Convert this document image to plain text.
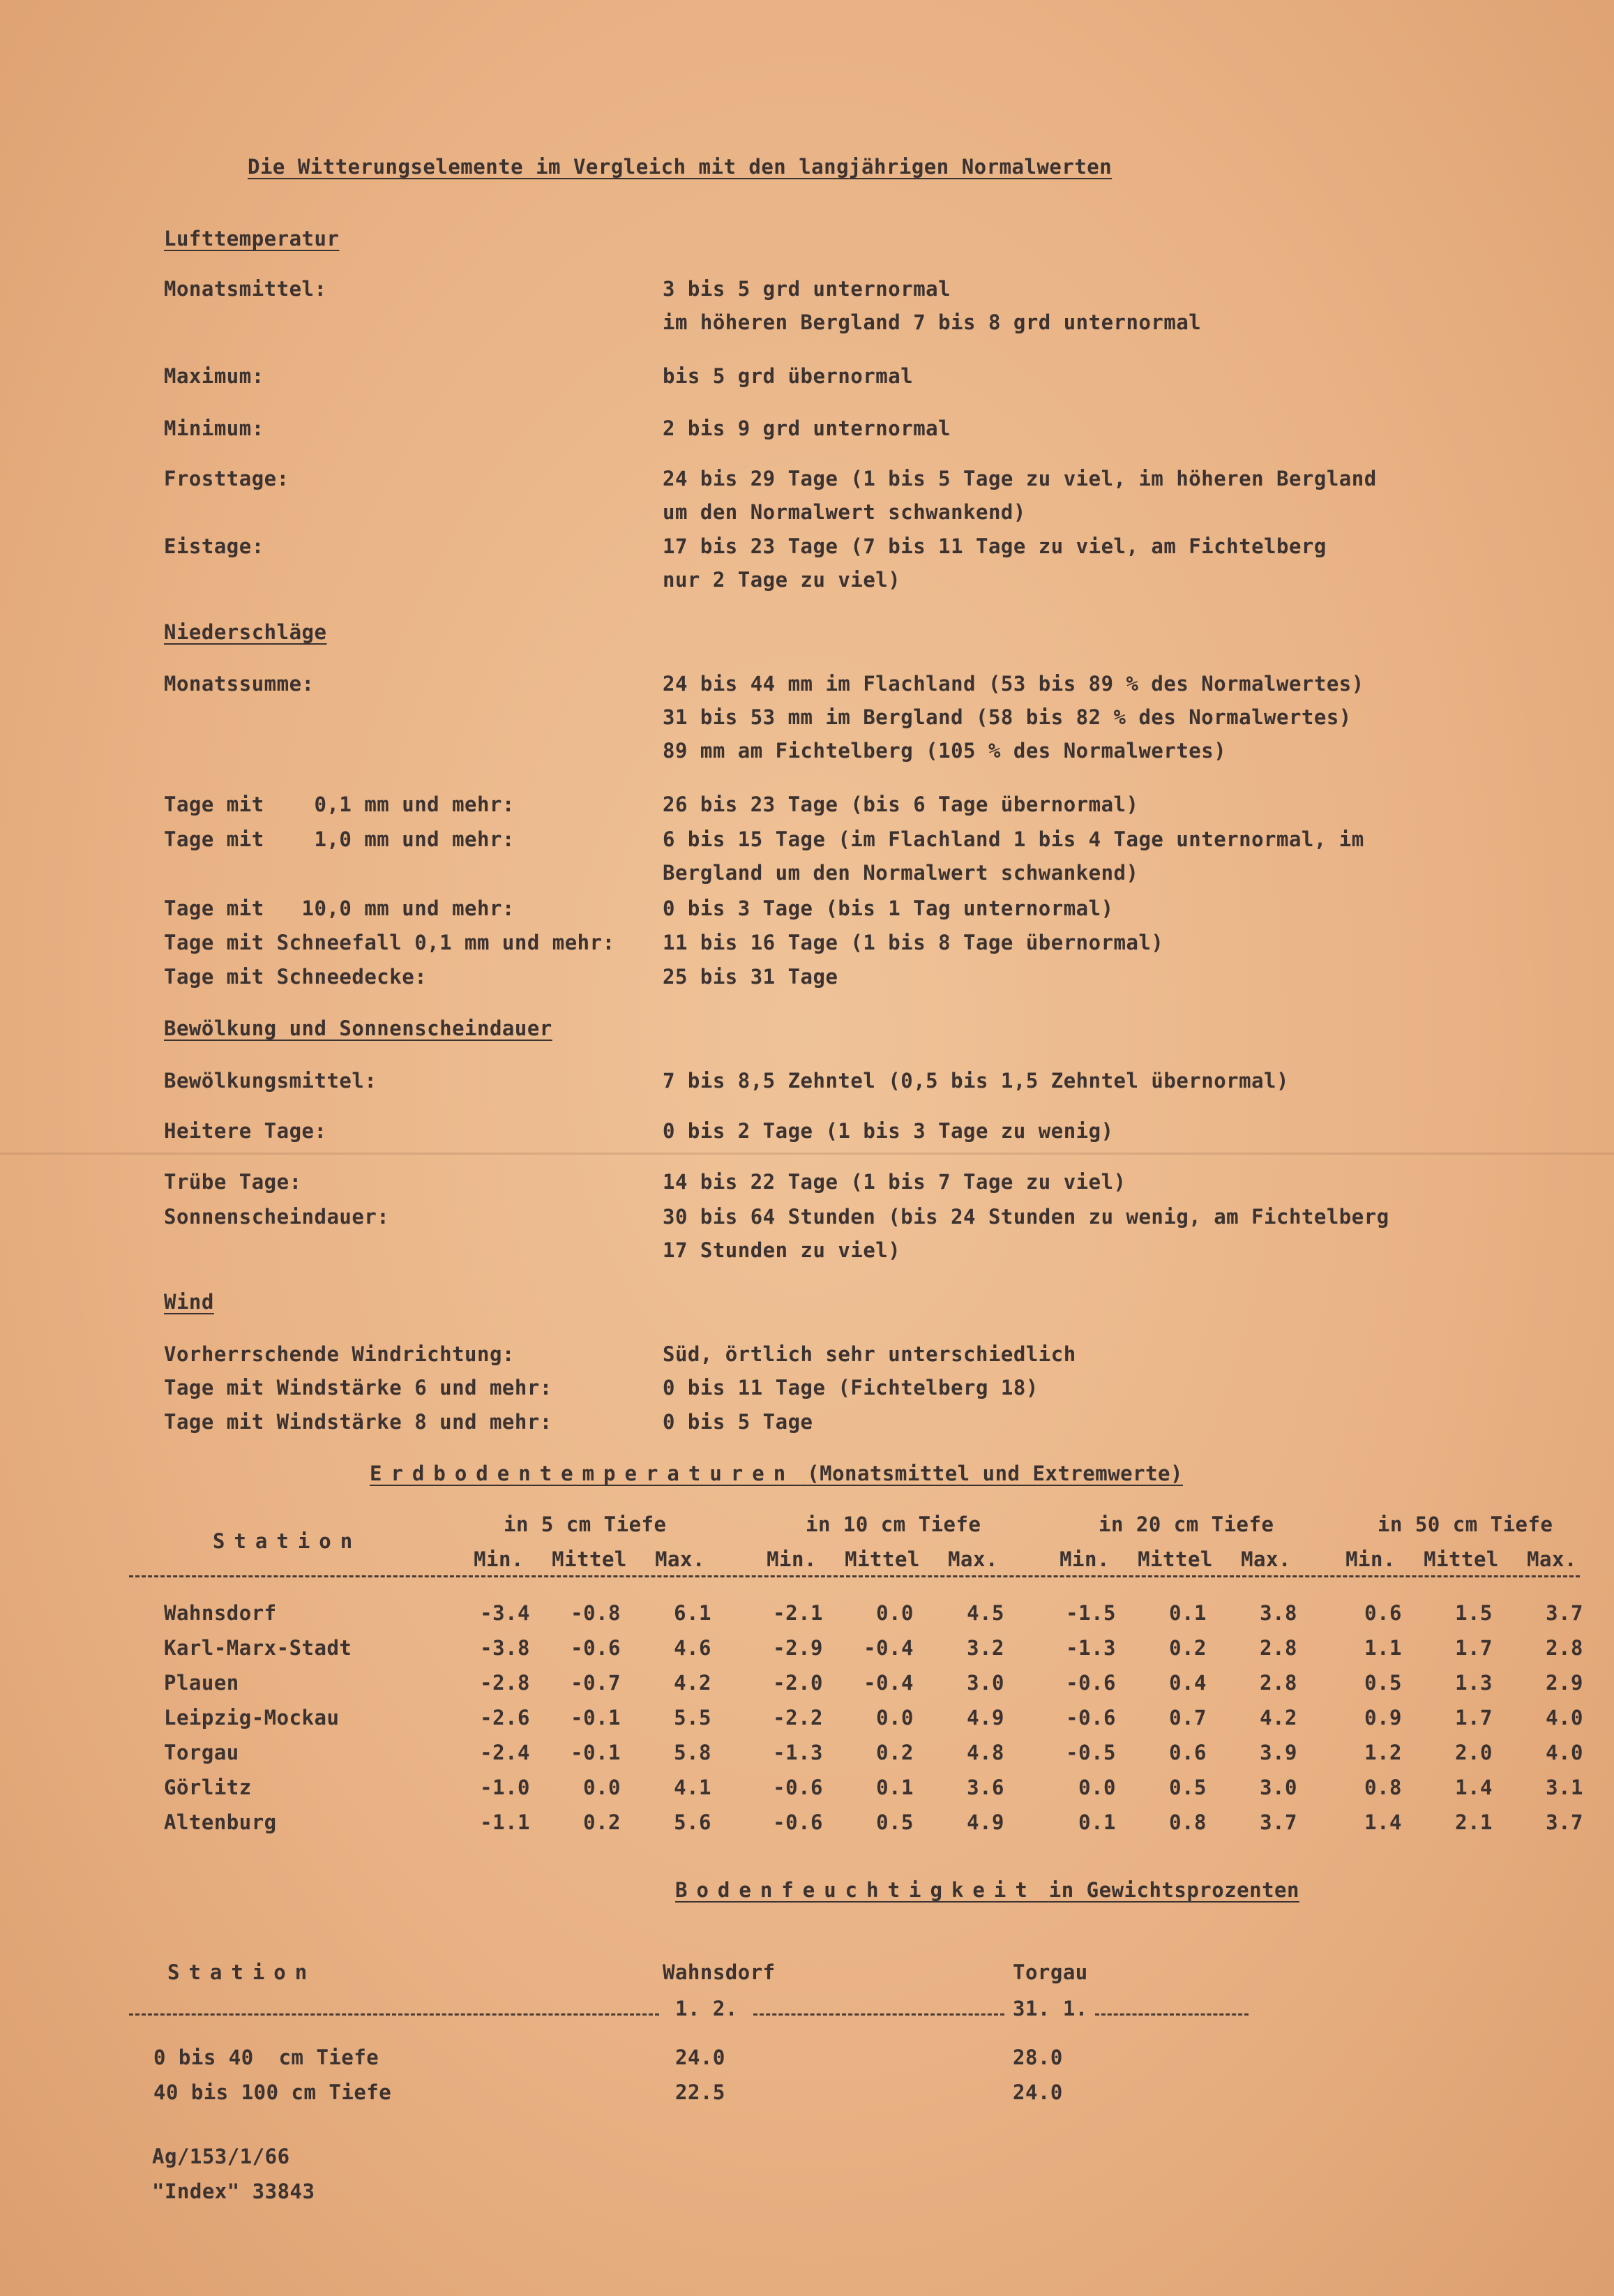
Die Witterungselemente im Vergleich mit den langjährigen Normalwerten
Lufttemperatur
Monatsmittel:	3 bis 5 grd unternormal
im höheren Bergland 7 bis 8 grd unternormal
Maximum:	bis 5 grd übernormal
Minimum:	2 bis 9 grd unternormal
Frosttage:	24 bis 29 Tage (1 bis 5 Tage zu viel, im höheren Bergland
um den Normalwert schwankend)
Eistage:	17 bis 23 Tage (7 bis 11 Tage zu viel, am Fichtelberg
nur 2 Tage zu viel)
Niederschläge
Monatssumme:	24 bis 44 mm im Flachland (53 bis 89 % des Normalwertes)
31 bis 53 mm im Bergland (58 bis 82 % des Normalwertes)
89 mm am Fichtelberg (105 % des Normalwertes)
Tage mit    0,1 mm und mehr:	26 bis 23 Tage (bis 6 Tage übernormal)
Tage mit    1,0 mm und mehr:	6 bis 15 Tage (im Flachland 1 bis 4 Tage unternormal, im
Bergland um den Normalwert schwankend)
Tage mit   10,0 mm und mehr:	0 bis 3 Tage (bis 1 Tag unternormal)
Tage mit Schneefall 0,1 mm und mehr: 11 bis 16 Tage (1 bis 8 Tage übernormal)
Tage mit Schneedecke:	25 bis 31 Tage
Bewölkung und Sonnenscheindauer
Bewölkungsmittel:	7 bis 8,5 Zehntel (0,5 bis 1,5 Zehntel übernormal)
Heitere Tage:	0 bis 2 Tage (1 bis 3 Tage zu wenig)
Trübe Tage:	14 bis 22 Tage (1 bis 7 Tage zu viel)
Sonnenscheindauer:	30 bis 64 Stunden (bis 24 Stunden zu wenig, am Fichtelberg
17 Stunden zu viel)
Wind
Vorherrschende Windrichtung:	Süd, örtlich sehr unterschiedlich
Tage mit Windstärke 6 und mehr:	0 bis 11 Tage (Fichtelberg 18)
Tage mit Windstärke 8 und mehr:	0 bis 5 Tage
Erdbodentemperaturen (Monatsmittel und Extremwerte)
Station
in 5 cm Tiefe	in 10 cm Tiefe	in 20 cm Tiefe	in 50 cm Tiefe
Min.	Mittel	Max.	Min.	Mittel	Max.	Min.	Mittel	Max.	Min.	Mittel	Max.
Wahnsdorf	-3.4	-0.8	6.1	-2.1	0.0	4.5	-1.5	0.1	3.8	0.6	1.5	3.7
Karl-Marx-Stadt	-3.8	-0.6	4.6	-2.9	-0.4	3.2	-1.3	0.2	2.8	1.1	1.7	2.8
Plauen	-2.8	-0.7	4.2	-2.0	-0.4	3.0	-0.6	0.4	2.8	0.5	1.3	2.9
Leipzig-Mockau	-2.6	-0.1	5.5	-2.2	0.0	4.9	-0.6	0.7	4.2	0.9	1.7	4.0
Torgau	-2.4	-0.1	5.8	-1.3	0.2	4.8	-0.5	0.6	3.9	1.2	2.0	4.0
Görlitz	-1.0	0.0	4.1	-0.6	0.1	3.6	0.0	0.5	3.0	0.8	1.4	3.1
Altenburg	-1.1	0.2	5.6	-0.6	0.5	4.9	0.1	0.8	3.7	1.4	2.1	3.7
Bodenfeuchtigkeit in Gewichtsprozenten
Station	Wahnsdorf	Torgau
1. 2.	31. 1.
0 bis 40  cm Tiefe	24.0	28.0
40 bis 100 cm Tiefe	22.5	24.0
Ag/153/1/66
"Index" 33843
